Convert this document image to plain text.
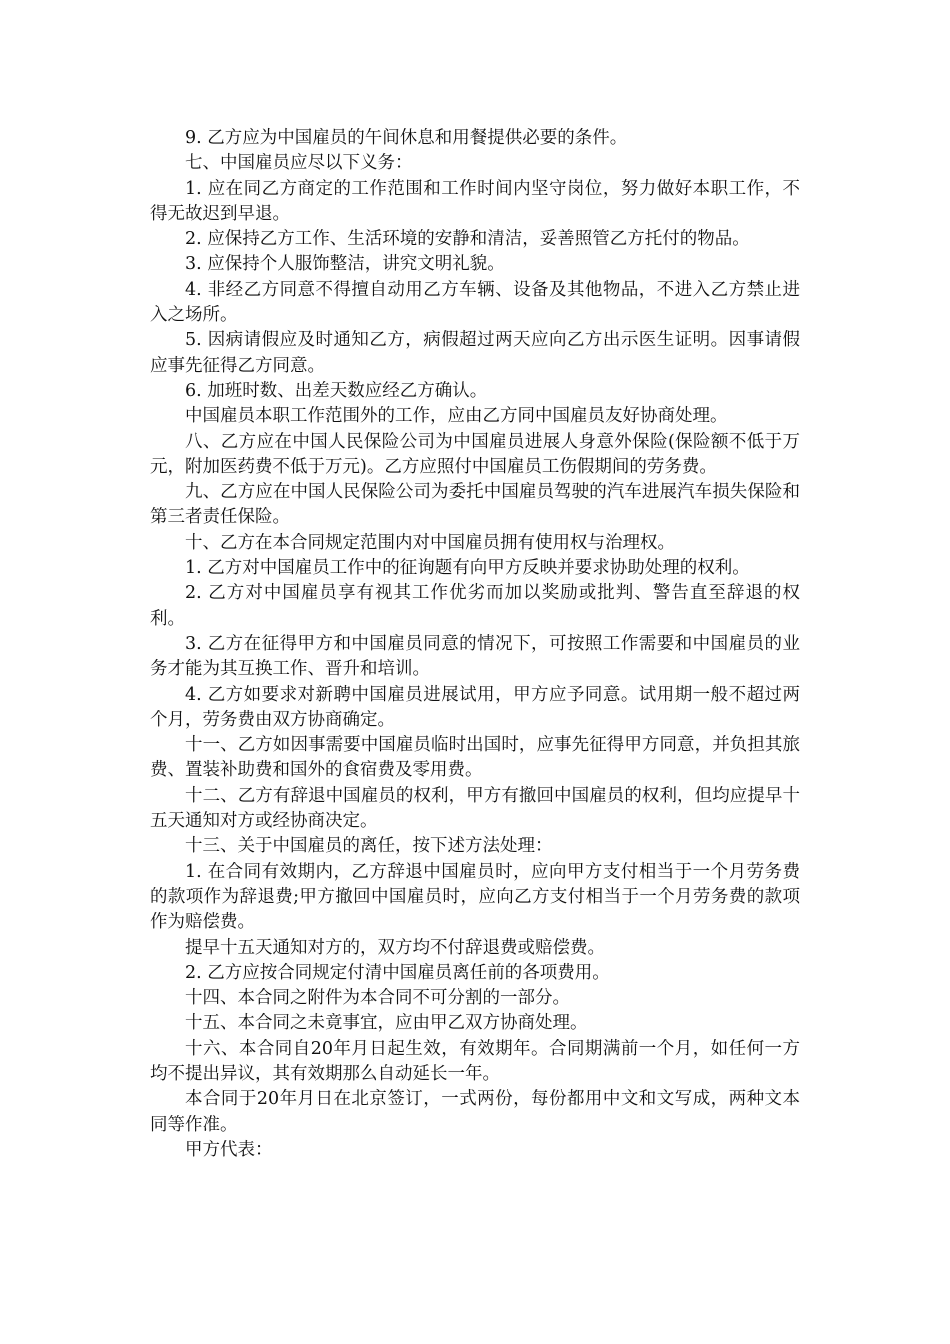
9. 乙方应为中国雇员的午间休息和用餐提供必要的条件。

七、中国雇员应尽以下义务：

1. 应在同乙方商定的工作范围和工作时间内坚守岗位，努力做好本职工作，不得无故迟到早退。

2. 应保持乙方工作、生活环境的安静和清洁，妥善照管乙方托付的物品。

3. 应保持个人服饰整洁，讲究文明礼貌。

4. 非经乙方同意不得擅自动用乙方车辆、设备及其他物品，不进入乙方禁止进入之场所。

5. 因病请假应及时通知乙方，病假超过两天应向乙方出示医生证明。因事请假应事先征得乙方同意。

6. 加班时数、出差天数应经乙方确认。

中国雇员本职工作范围外的工作，应由乙方同中国雇员友好协商处理。

八、乙方应在中国人民保险公司为中国雇员进展人身意外保险(保险额不低于万元，附加医药费不低于万元)。乙方应照付中国雇员工伤假期间的劳务费。

九、乙方应在中国人民保险公司为委托中国雇员驾驶的汽车进展汽车损失保险和第三者责任保险。

十、乙方在本合同规定范围内对中国雇员拥有使用权与治理权。

1. 乙方对中国雇员工作中的征询题有向甲方反映并要求协助处理的权利。

2. 乙方对中国雇员享有视其工作优劣而加以奖励或批判、警告直至辞退的权利。

3. 乙方在征得甲方和中国雇员同意的情况下，可按照工作需要和中国雇员的业务才能为其互换工作、晋升和培训。

4. 乙方如要求对新聘中国雇员进展试用，甲方应予同意。试用期一般不超过两个月，劳务费由双方协商确定。

十一、乙方如因事需要中国雇员临时出国时，应事先征得甲方同意，并负担其旅费、置装补助费和国外的食宿费及零用费。

十二、乙方有辞退中国雇员的权利，甲方有撤回中国雇员的权利，但均应提早十五天通知对方或经协商决定。

十三、关于中国雇员的离任，按下述方法处理：

1. 在合同有效期内，乙方辞退中国雇员时，应向甲方支付相当于一个月劳务费的款项作为辞退费;甲方撤回中国雇员时，应向乙方支付相当于一个月劳务费的款项作为赔偿费。

提早十五天通知对方的，双方均不付辞退费或赔偿费。

2. 乙方应按合同规定付清中国雇员离任前的各项费用。

十四、本合同之附件为本合同不可分割的一部分。

十五、本合同之未竟事宜，应由甲乙双方协商处理。

十六、本合同自20年月日起生效，有效期年。合同期满前一个月，如任何一方均不提出异议，其有效期那么自动延长一年。

本合同于20年月日在北京签订，一式两份，每份都用中文和文写成，两种文本同等作准。

甲方代表：
